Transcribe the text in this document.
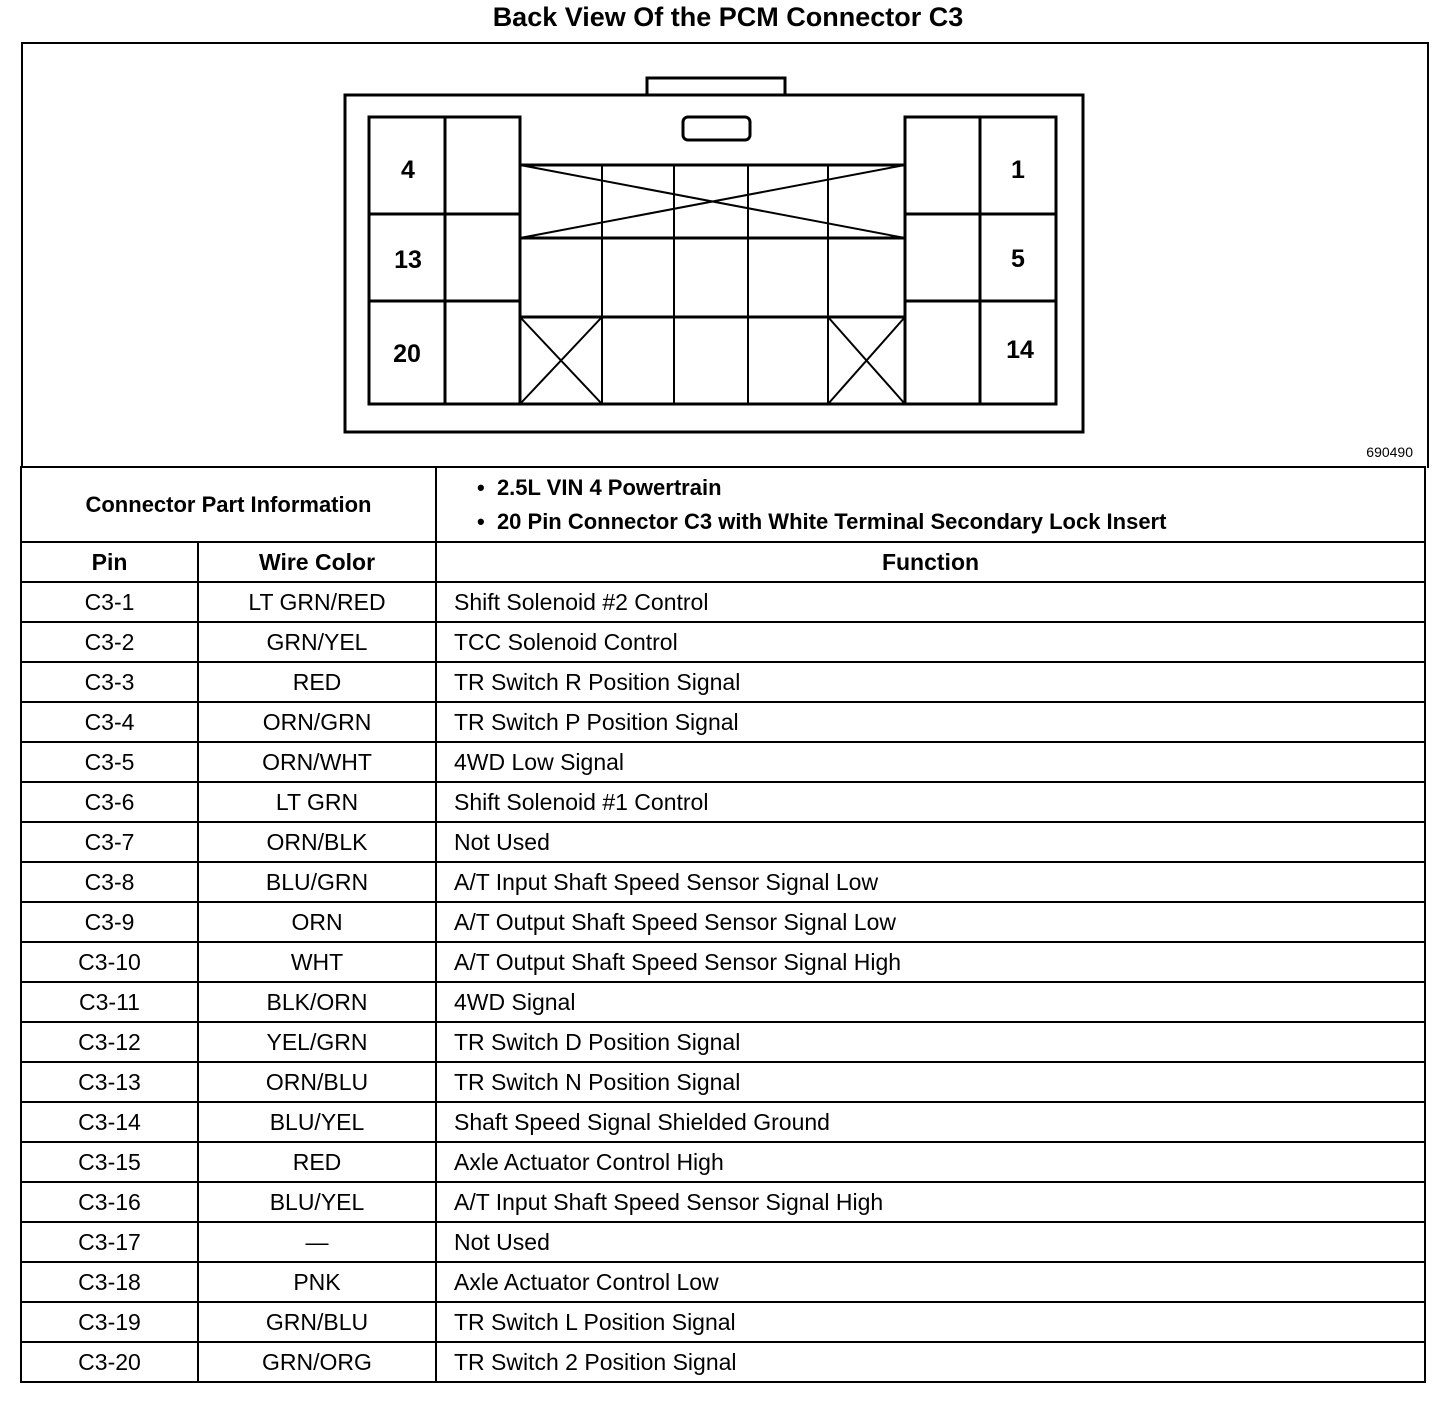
Back View Of the PCM Connector C3
690490
4
13
20
1
5
14
Connector Part Information		•  2.5L VIN 4 Powertrain
•  20 Pin Connector C3 with White Terminal Secondary Lock Insert

Pin	Wire Color	Function
C3-1	LT GRN/RED	Shift Solenoid #2 Control
C3-2	GRN/YEL	TCC Solenoid Control
C3-3	RED	TR Switch R Position Signal
C3-4	ORN/GRN	TR Switch P Position Signal
C3-5	ORN/WHT	4WD Low Signal
C3-6	LT GRN	Shift Solenoid #1 Control
C3-7	ORN/BLK	Not Used
C3-8	BLU/GRN	A/T Input Shaft Speed Sensor Signal Low
C3-9	ORN	A/T Output Shaft Speed Sensor Signal Low
C3-10	WHT	A/T Output Shaft Speed Sensor Signal High
C3-11	BLK/ORN	4WD Signal
C3-12	YEL/GRN	TR Switch D Position Signal
C3-13	ORN/BLU	TR Switch N Position Signal
C3-14	BLU/YEL	Shaft Speed Signal Shielded Ground
C3-15	RED	Axle Actuator Control High
C3-16	BLU/YEL	A/T Input Shaft Speed Sensor Signal High
C3-17	—	Not Used
C3-18	PNK	Axle Actuator Control Low
C3-19	GRN/BLU	TR Switch L Position Signal
C3-20	GRN/ORG	TR Switch 2 Position Signal
